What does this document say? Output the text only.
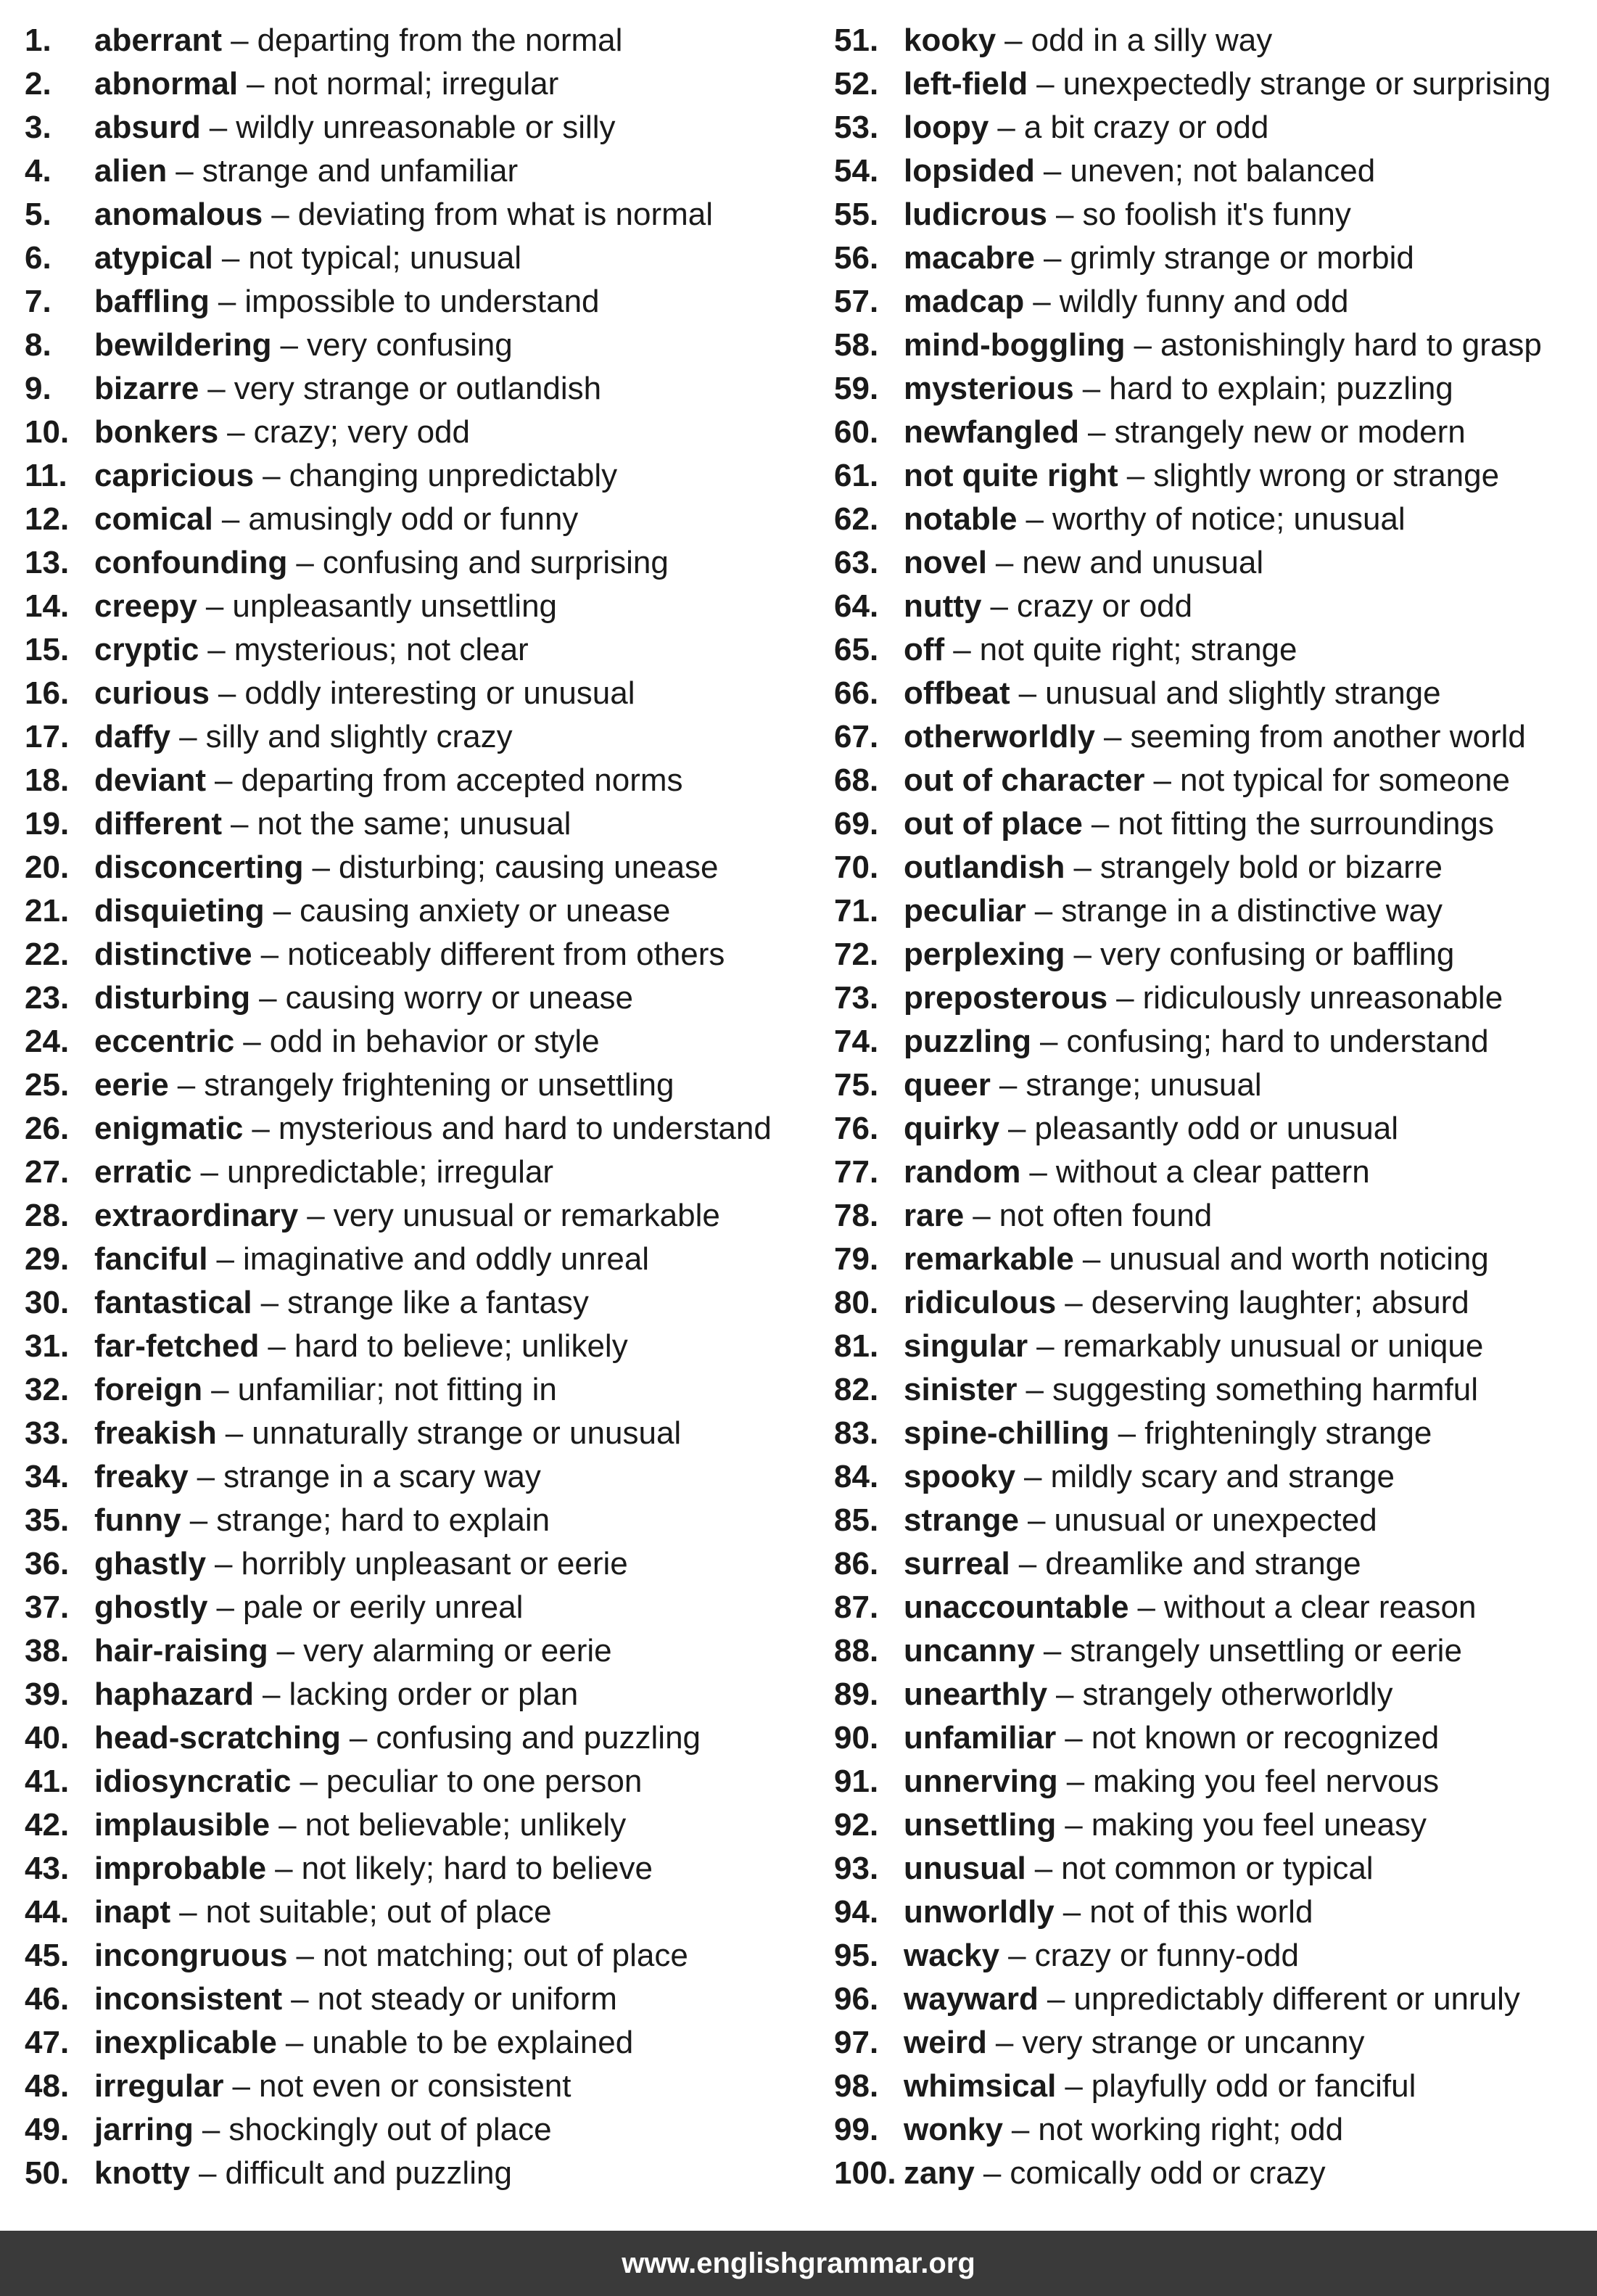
1.	aberrant – departing from the normal
2.	abnormal – not normal; irregular
3.	absurd – wildly unreasonable or silly
4.	alien – strange and unfamiliar
5.	anomalous – deviating from what is normal
6.	atypical – not typical; unusual
7.	baffling – impossible to understand
8.	bewildering – very confusing
9.	bizarre – very strange or outlandish
10. bonkers – crazy; very odd
11. capricious – changing unpredictably
12. comical – amusingly odd or funny
13. confounding – confusing and surprising
14. creepy – unpleasantly unsettling
15. cryptic – mysterious; not clear
16. curious – oddly interesting or unusual
17. daffy – silly and slightly crazy
18. deviant – departing from accepted norms
19. different – not the same; unusual
20. disconcerting – disturbing; causing unease
21. disquieting – causing anxiety or unease
22. distinctive – noticeably different from others
23. disturbing – causing worry or unease
24. eccentric – odd in behavior or style
25. eerie – strangely frightening or unsettling
26. enigmatic – mysterious and hard to understand
27. erratic – unpredictable; irregular
28. extraordinary – very unusual or remarkable
29. fanciful – imaginative and oddly unreal
30. fantastical – strange like a fantasy
31. far-fetched – hard to believe; unlikely
32. foreign – unfamiliar; not fitting in
33. freakish – unnaturally strange or unusual
34. freaky – strange in a scary way
35. funny – strange; hard to explain
36. ghastly – horribly unpleasant or eerie
37. ghostly – pale or eerily unreal
38. hair-raising – very alarming or eerie
39. haphazard – lacking order or plan
40. head-scratching – confusing and puzzling
41. idiosyncratic – peculiar to one person
42. implausible – not believable; unlikely
43. improbable – not likely; hard to believe
44. inapt – not suitable; out of place
45. incongruous – not matching; out of place
46. inconsistent – not steady or uniform
47. inexplicable – unable to be explained
48. irregular – not even or consistent
49. jarring – shockingly out of place
50. knotty – difficult and puzzling
51. kooky – odd in a silly way
52. left-field – unexpectedly strange or surprising
53. loopy – a bit crazy or odd
54. lopsided – uneven; not balanced
55. ludicrous – so foolish it's funny
56. macabre – grimly strange or morbid
57. madcap – wildly funny and odd
58. mind-boggling – astonishingly hard to grasp
59. mysterious – hard to explain; puzzling
60. newfangled – strangely new or modern
61. not quite right – slightly wrong or strange
62. notable – worthy of notice; unusual
63. novel – new and unusual
64. nutty – crazy or odd
65. off – not quite right; strange
66. offbeat – unusual and slightly strange
67. otherworldly – seeming from another world
68. out of character – not typical for someone
69. out of place – not fitting the surroundings
70. outlandish – strangely bold or bizarre
71. peculiar – strange in a distinctive way
72. perplexing – very confusing or baffling
73. preposterous – ridiculously unreasonable
74. puzzling – confusing; hard to understand
75. queer – strange; unusual
76. quirky – pleasantly odd or unusual
77. random – without a clear pattern
78. rare – not often found
79. remarkable – unusual and worth noticing
80. ridiculous – deserving laughter; absurd
81. singular – remarkably unusual or unique
82. sinister – suggesting something harmful
83. spine-chilling – frighteningly strange
84. spooky – mildly scary and strange
85. strange – unusual or unexpected
86. surreal – dreamlike and strange
87. unaccountable – without a clear reason
88. uncanny – strangely unsettling or eerie
89. unearthly – strangely otherworldly
90. unfamiliar – not known or recognized
91. unnerving – making you feel nervous
92. unsettling – making you feel uneasy
93. unusual – not common or typical
94. unworldly – not of this world
95. wacky – crazy or funny-odd
96. wayward – unpredictably different or unruly
97. weird – very strange or uncanny
98. whimsical – playfully odd or fanciful
99. wonky – not working right; odd
100. zany – comically odd or crazy
www.englishgrammar.org
